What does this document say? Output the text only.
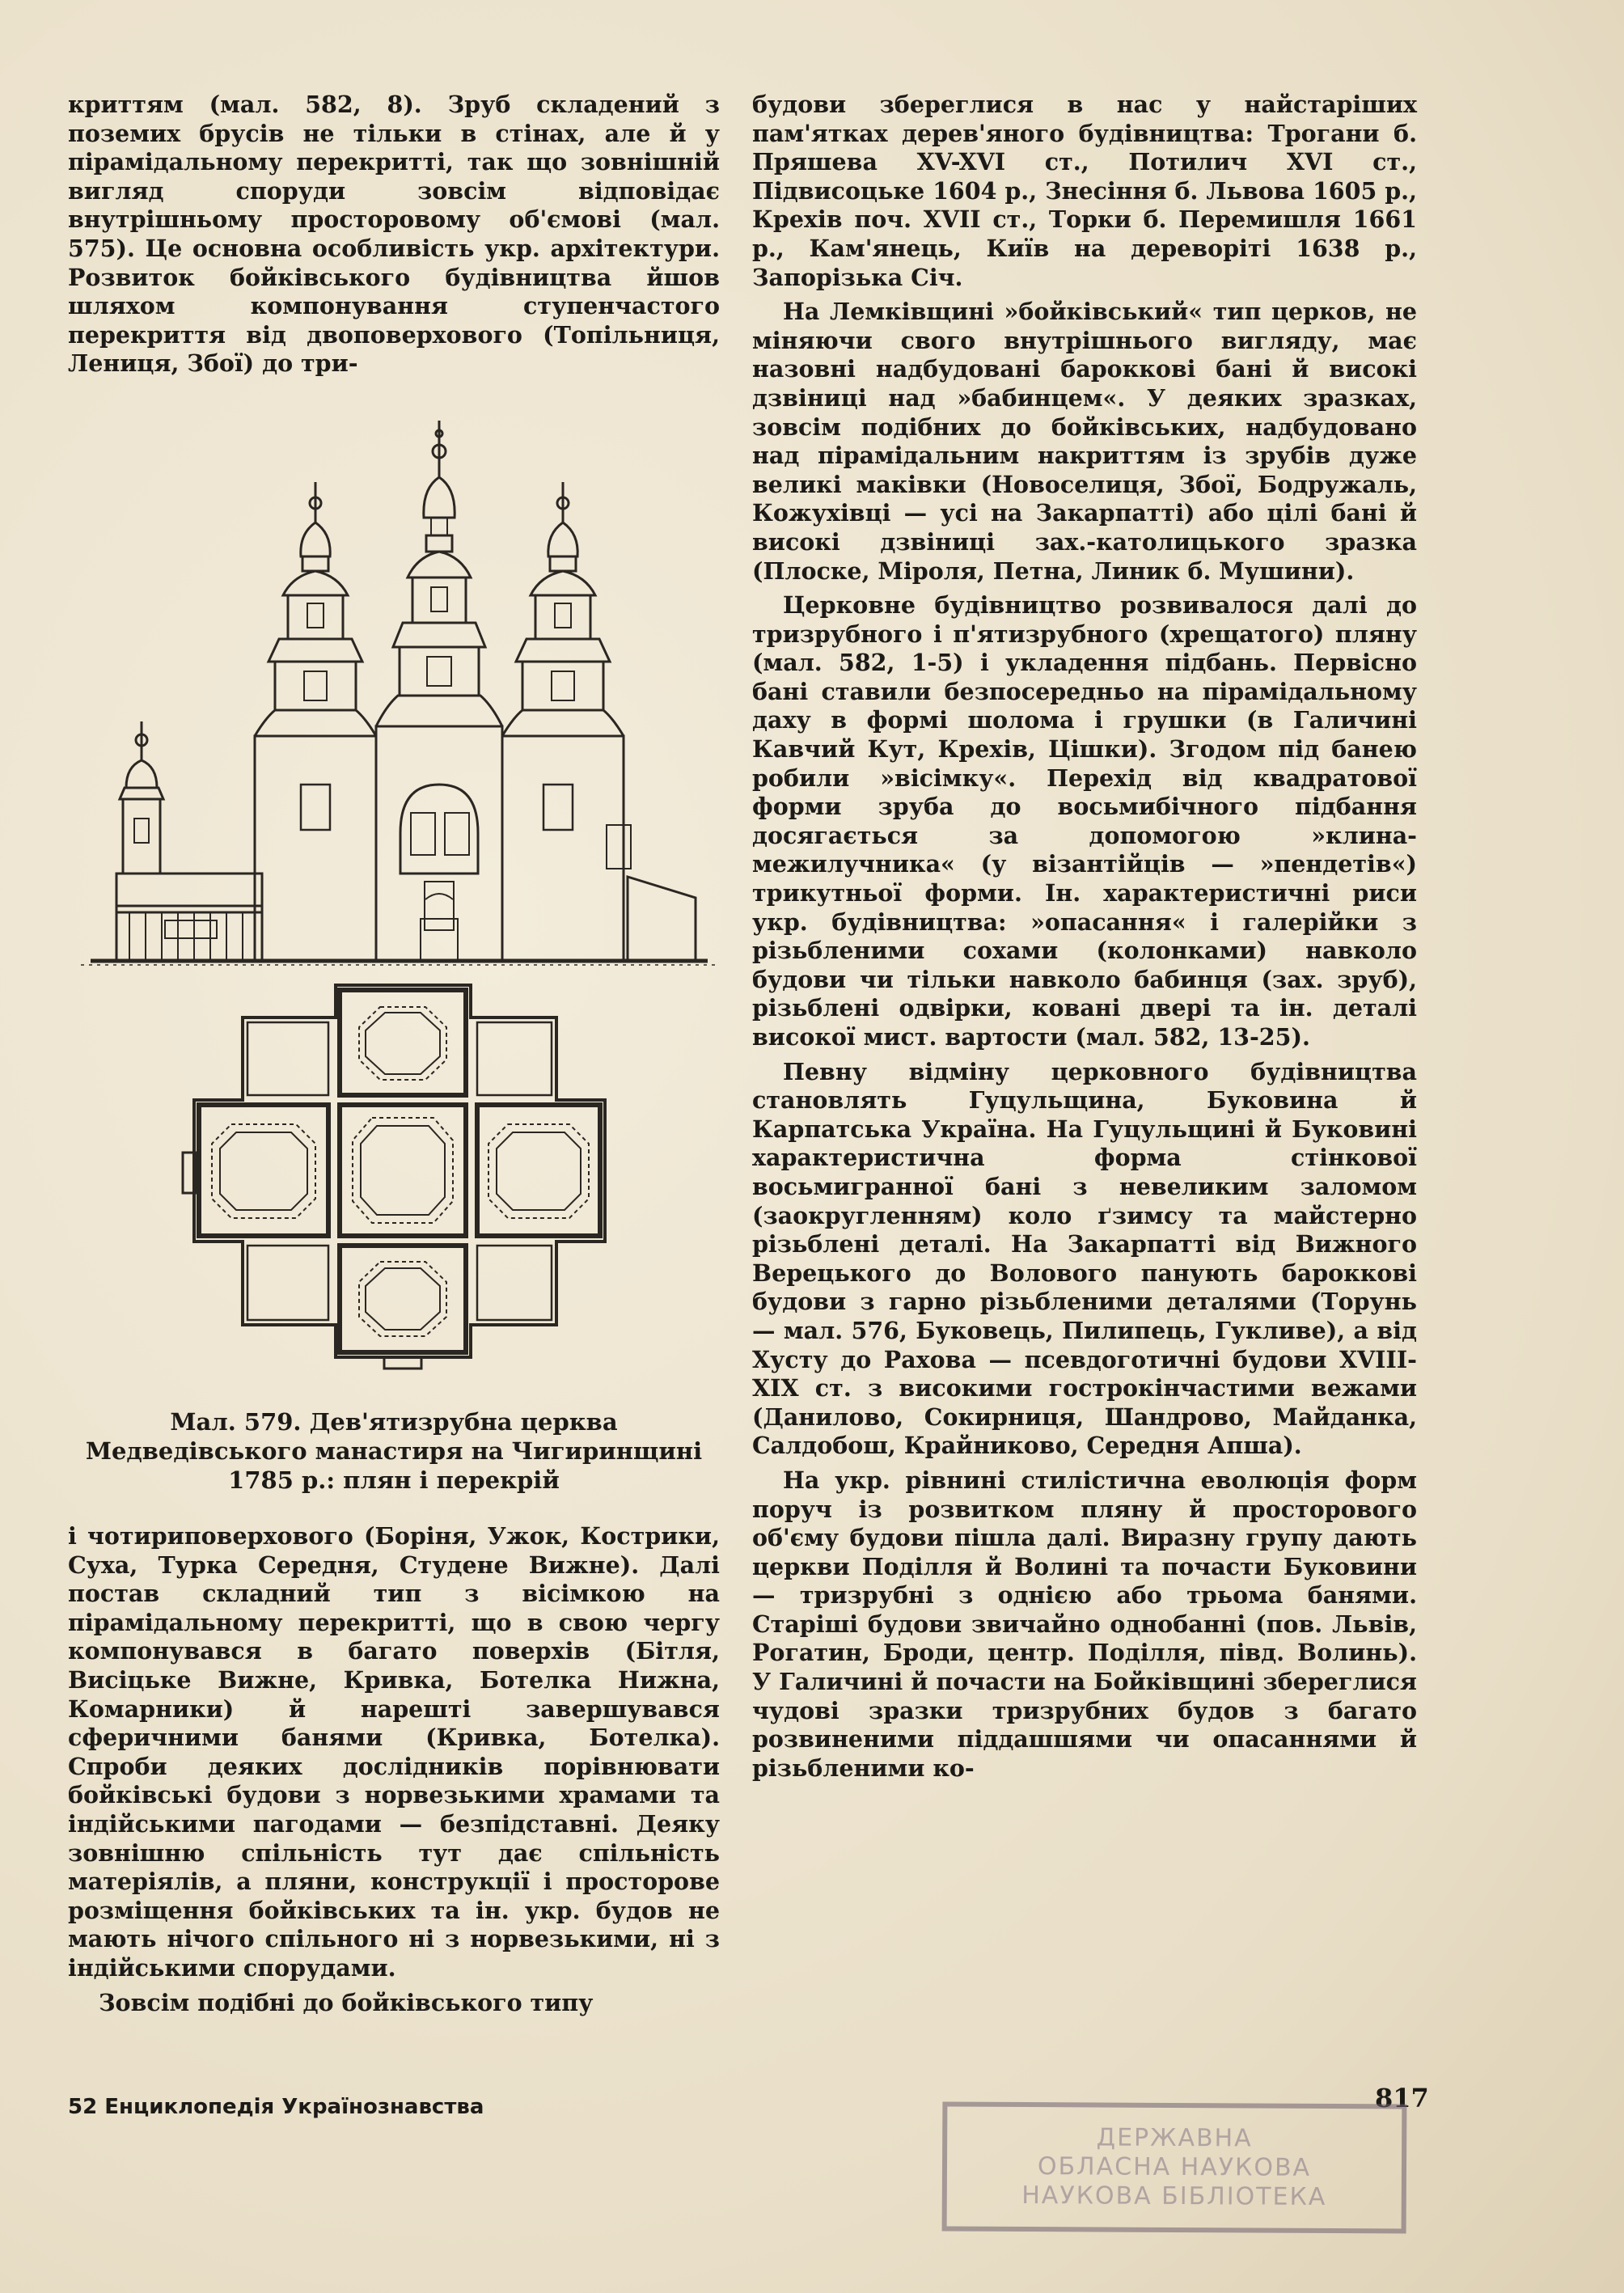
криттям (мал. 582, 8). Зруб складений з поземих брусів не тільки в стінах, але й у пірамідальному перекритті, так що зовнішній вигляд споруди зовсім відповідає внутрішньому просторовому об'ємові (мал. 575). Це основна особливість укр. архітектури. Розвиток бойківського будівництва йшов шляхом компонування ступенчастого перекриття від двоповерхового (Топільниця, Лениця, Збої) до три-

Мал. 579. Дев'ятизрубна церква Медведівського манастиря на Чигиринщині 1785 р.: плян і перекрій

і чотириповерхового (Боріня, Ужок, Кострики, Суха, Турка Середня, Студене Вижне). Далі постав складний тип з вісімкою на пірамідальному перекритті, що в свою чергу компонувався в багато поверхів (Бітля, Висіцьке Вижне, Кривка, Ботелка Нижна, Комарники) й нарешті завершувався сферичними банями (Кривка, Ботелка). Спроби деяких дослідників порівнювати бойківські будови з норвезькими храмами та індійськими пагодами — безпідставні. Деяку зовнішню спільність тут дає спільність матеріялів, а пляни, конструкції і просторове розміщення бойківських та ін. укр. будов не мають нічого спільного ні з норвезькими, ні з індійськими спорудами.

Зовсім подібні до бойківського типу

будови збереглися в нас у найстаріших пам'ятках дерев'яного будівництва: Трогани б. Пряшева XV-XVI ст., Потилич XVI ст., Підвисоцьке 1604 р., Знесіння б. Львова 1605 р., Крехів поч. XVII ст., Торки б. Перемишля 1661 р., Кам'янець, Київ на дереворіті 1638 р., Запорізька Січ.

На Лемківщині »бойківський« тип церков, не міняючи свого внутрішнього вигляду, має назовні надбудовані бароккові бані й високі дзвіниці над »бабинцем«. У деяких зразках, зовсім подібних до бойківських, надбудовано над пірамідальним накриттям із зрубів дуже великі маківки (Новоселиця, Збої, Бодружаль, Кожухівці — усі на Закарпатті) або цілі бані й високі дзвіниці зах.-католицького зразка (Плоске, Міроля, Петна, Линик б. Мушини).

Церковне будівництво розвивалося далі до тризрубного і п'ятизрубного (хрещатого) пляну (мал. 582, 1-5) і укладення підбань. Первісно бані ставили безпосередньо на пірамідальному даху в формі шолома і грушки (в Галичині Кавчий Кут, Крехів, Цішки). Згодом під банею робили »вісімку«. Перехід від квадратової форми зруба до восьмибічного підбання досягається за допомогою »клина-межилучника« (у візантійців — »пендетів«) трикутньої форми. Ін. характеристичні риси укр. будівництва: »опасання« і галерійки з різьбленими сохами (колонками) навколо будови чи тільки навколо бабинця (зах. зруб), різьблені одвірки, ковані двері та ін. деталі високої мист. вартости (мал. 582, 13-25).

Певну відміну церковного будівництва становлять Гуцульщина, Буковина й Карпатська Україна. На Гуцульщині й Буковині характеристична форма стінкової восьмигранної бані з невеликим заломом (заокругленням) коло ґзимсу та майстерно різьблені деталі. На Закарпатті від Вижного Верецького до Волового панують бароккові будови з гарно різьбленими деталями (Торунь — мал. 576, Буковець, Пилипець, Гукливе), а від Хусту до Рахова — псевдоготичні будови XVIII-XIX ст. з високими гострокінчастими вежами (Данилово, Сокирниця, Шандрово, Майданка, Салдобош, Крайниково, Середня Апша).

На укр. рівнині стилістична еволюція форм поруч із розвитком пляну й просторового об'єму будови пішла далі. Виразну групу дають церкви Поділля й Волині та почасти Буковини — тризрубні з однією або трьома банями. Старіші будови звичайно однобанні (пов. Львів, Рогатин, Броди, центр. Поділля, півд. Волинь). У Галичині й почасти на Бойківщині збереглися чудові зразки тризрубних будов з багато розвиненими піддашшями чи опасаннями й різьбленими ко-

52 Енциклопедія Українознавства	817
ДЕРЖАВНА
ОБЛАСНА НАУКОВА
НАУКОВА БІБЛІОТЕКА
